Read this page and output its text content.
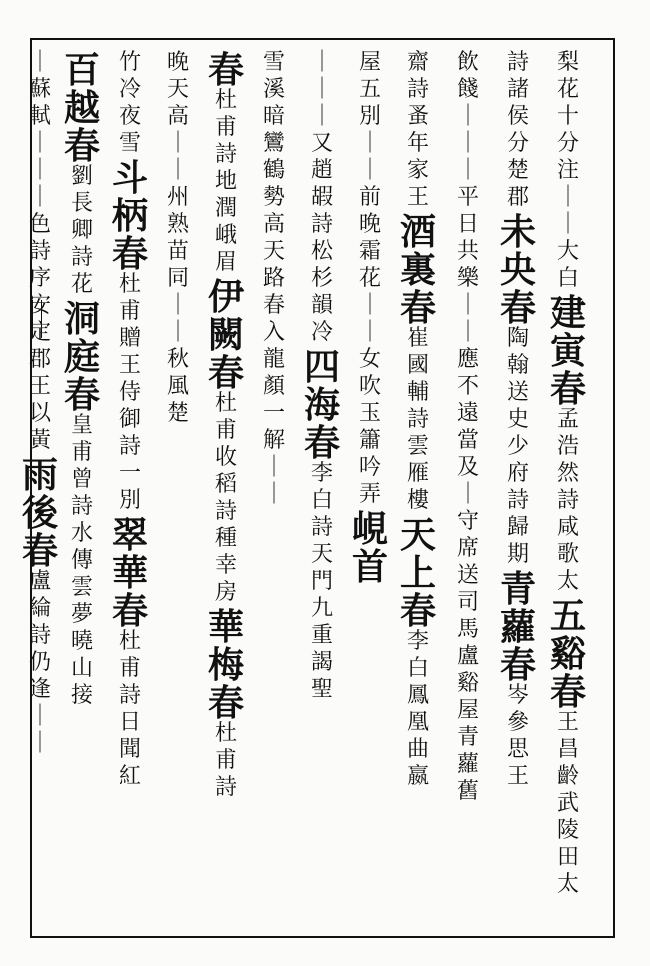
梨
花
十
分
注
｜
｜
大
白
建
寅
春
孟
浩
然
詩
咸
歌
太
五
谿
春
王
昌
齡
武
陵
田
太
詩
諸
侯
分
楚
郡
未
央
春
陶
翰
送
史
少
府
詩
歸
期
青
蘿
春
岑
參
思
王
飲
餞
｜
｜
｜
平
日
共
樂
｜
｜
應
不
遠
當
及
｜
守
席
送
司
馬
盧
谿
屋
青
蘿
舊
齋
詩
蚤
年
家
王
酒
裏
春
崔
國
輔
詩
雲
雁
樓
天
上
春
李
白
鳳
凰
曲
嬴
屋
五
別
｜
｜
前
晚
霜
花
｜
｜
女
吹
玉
簫
吟
弄
峴
首
｜
｜
｜
又
趙
嘏
詩
松
杉
韻
冷
四
海
春
李
白
詩
天
門
九
重
謁
聖
雪
溪
暗
鸞
鶴
勢
高
天
路
春
入
龍
顏
一
解
｜
｜
春
杜
甫
詩
地
潤
峨
眉
伊
闕
春
杜
甫
收
稻
詩
種
幸
房
華
梅
春
杜
甫
詩
晚
天
高
｜
｜
州
熟
苗
同
｜
｜
秋
風
楚
竹
冷
夜
雪
斗
柄
春
杜
甫
贈
王
侍
御
詩
一
別
翠
華
春
杜
甫
詩
日
聞
紅
百
越
春
劉
長
卿
詩
花
洞
庭
春
皇
甫
曾
詩
水
傳
雲
夢
曉
山
接
｜
蘇
軾
｜
｜
｜
色
詩
序
安
定
郡
王
以
黃
雨
後
春
盧
綸
詩
仍
逢
｜
｜
